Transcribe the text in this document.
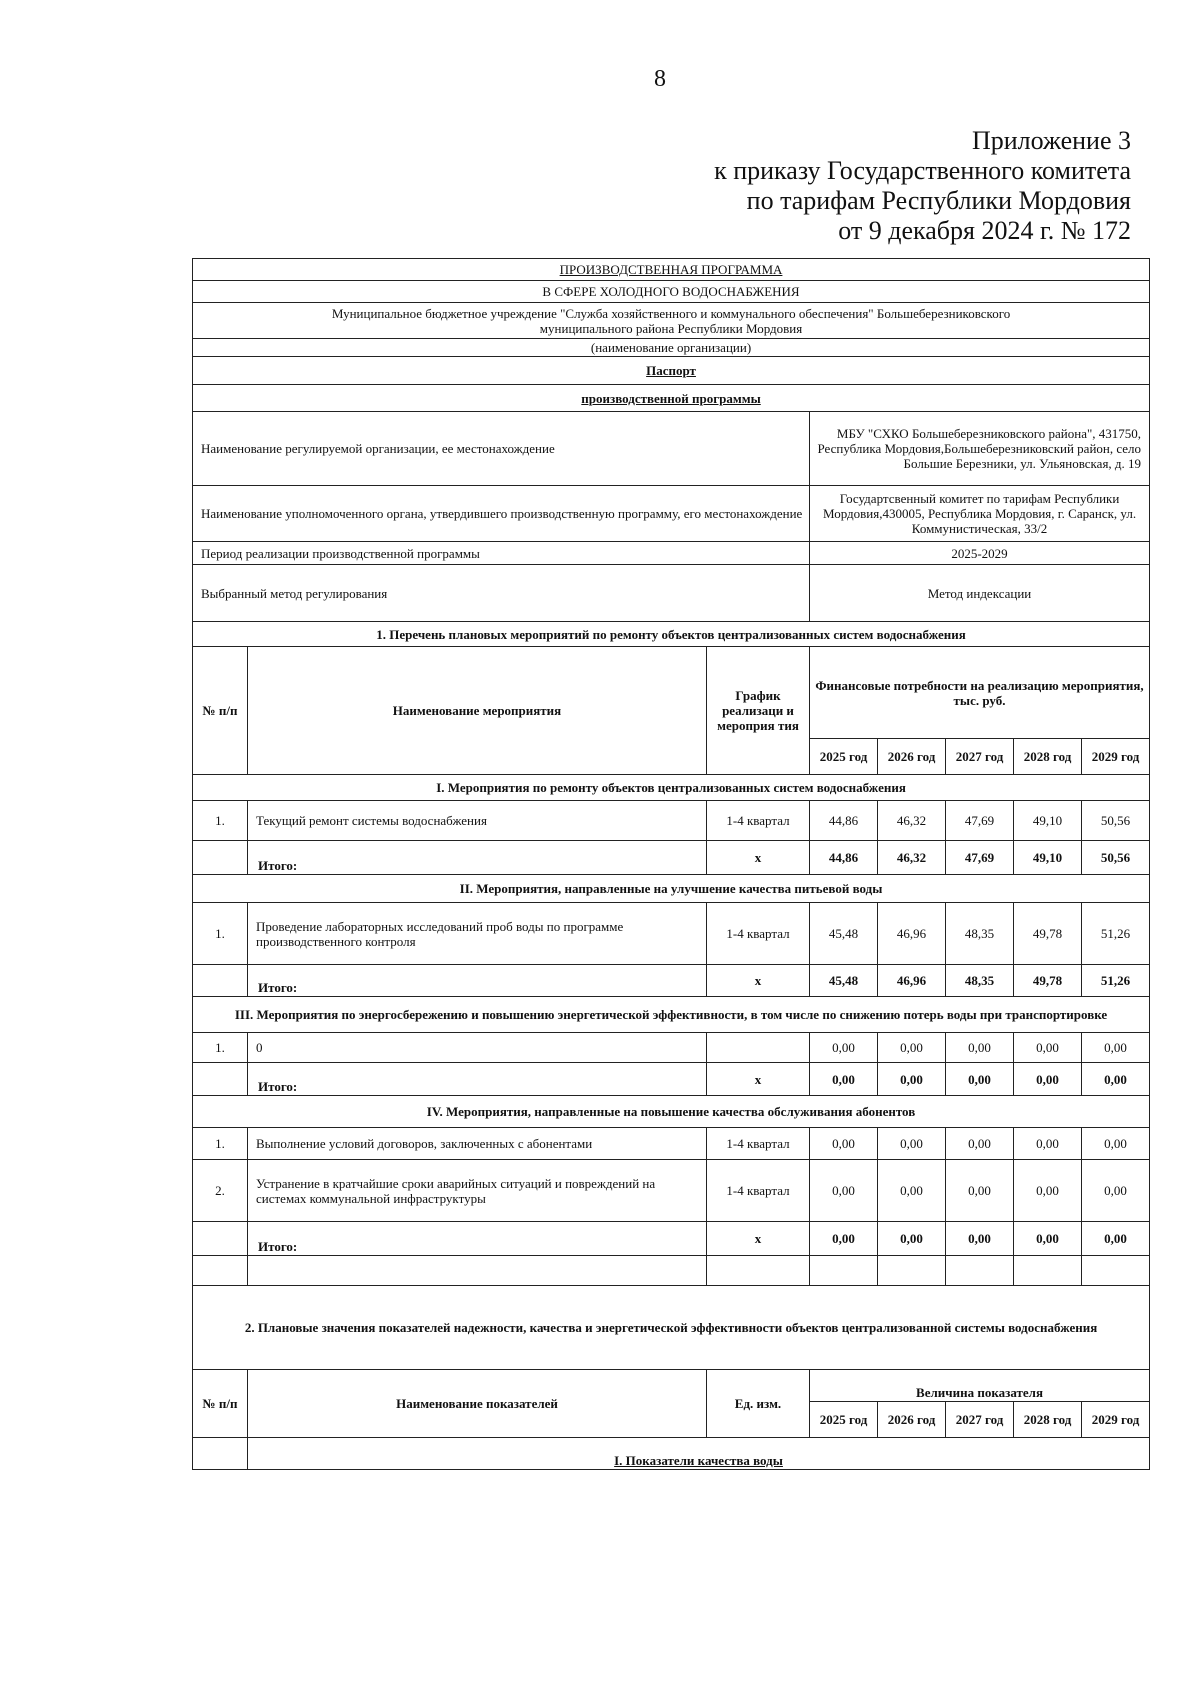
8
Приложение 3
к приказу Государственного комитета
по тарифам Республики Мордовия
от 9 декабря 2024 г. № 172
ПРОИЗВОДСТВЕННАЯ ПРОГРАММА							
В СФЕРЕ ХОЛОДНОГО ВОДОСНАБЖЕНИЯ							

Муниципальное бюджетное учреждение "Служба хозяйственного и коммунального обеспечения" Большеберезниковского
муниципального района Республики Мордовия							

(наименование организации)							
Паспорт							
производственной программы							
Наименование регулируемой организации, ее местонахождение			МБУ "СХКО Большеберезниковского района", 431750, Республика Мордовия,Большеберезниковский район, село Большие Березники, ул. Ульяновская, д. 19				
Наименование уполномоченного органа, утвердившего производственную программу, его местонахождение			Государтсвенный комитет по тарифам Республики Мордовия,430005, Республика Мордовия, г. Саранск, ул. Коммунистическая, 33/2				
Период реализации производственной программы			2025-2029				
Выбранный метод регулирования			Метод индексации				
1. Перечень плановых мероприятий по ремонту объектов централизованных систем водоснабжения							
№ п/п	Наименование мероприятия	График реализаци и мероприя тия	Финансовые потребности на реализацию мероприятия, тыс. руб.				
			2025 год	2026 год	2027 год	2028 год	2029 год
I. Мероприятия по ремонту объектов централизованных систем водоснабжения							
1.	Текущий ремонт системы водоснабжения	1-4 квартал	44,86	46,32	47,69	49,10	50,56
	Итого:	х	44,86	46,32	47,69	49,10	50,56
II. Мероприятия, направленные на улучшение качества питьевой воды							
1.	Проведение лабораторных исследований проб воды по программе производственного контроля	1-4 квартал	45,48	46,96	48,35	49,78	51,26
	Итого:	х	45,48	46,96	48,35	49,78	51,26
III. Мероприятия по энергосбережению и повышению энергетической эффективности, в том числе по снижению потерь воды при транспортировке							
1.	0		0,00	0,00	0,00	0,00	0,00
	Итого:	х	0,00	0,00	0,00	0,00	0,00
IV. Мероприятия, направленные на повышение качества обслуживания абонентов							
1.	Выполнение условий договоров, заключенных с абонентами	1-4 квартал	0,00	0,00	0,00	0,00	0,00
2.	Устранение в кратчайшие сроки аварийных ситуаций и повреждений на системах коммунальной инфраструктуры	1-4 квартал	0,00	0,00	0,00	0,00	0,00
	Итого:	х	0,00	0,00	0,00	0,00	0,00

2. Плановые значения показателей надежности, качества и энергетической эффективности объектов централизованной системы водоснабжения							
№ п/п	Наименование показателей	Ед. изм.	Величина показателя				
			2025 год	2026 год	2027 год	2028 год	2029 год
	I. Показатели качества воды						
